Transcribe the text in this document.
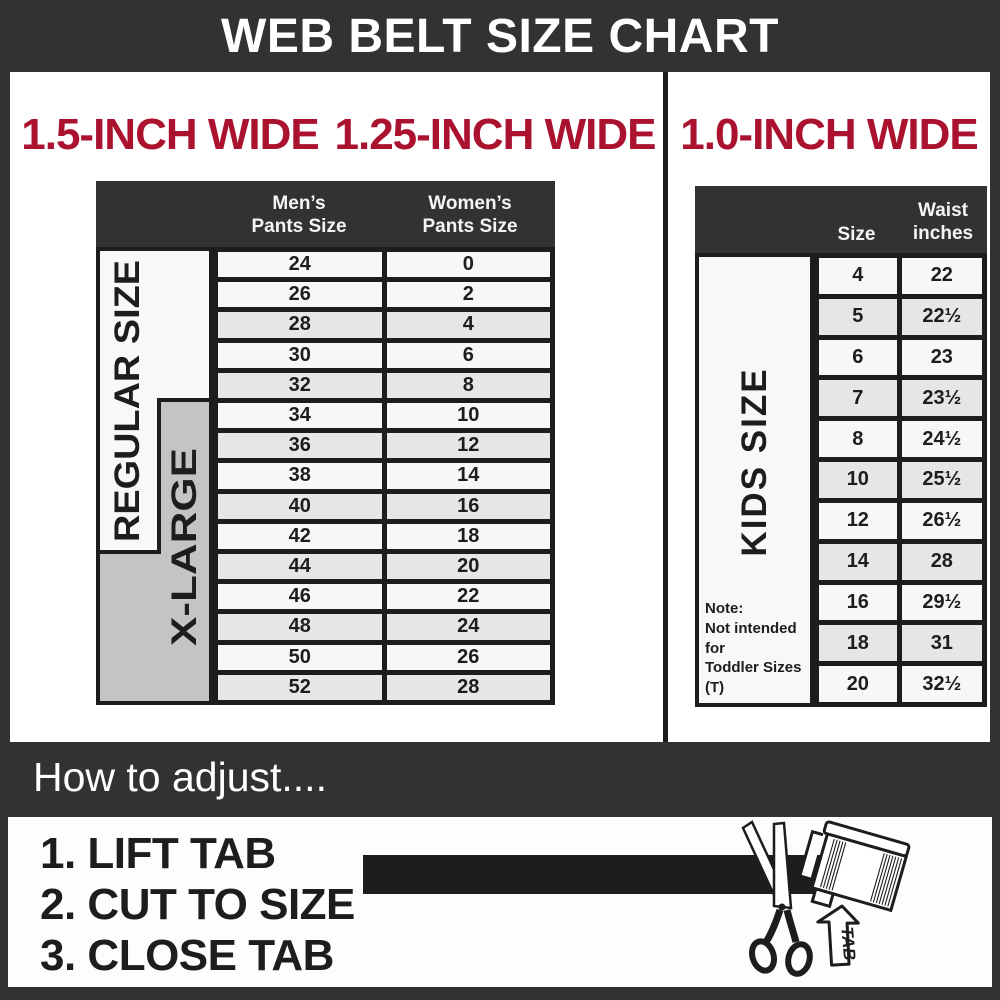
WEB BELT SIZE CHART
1.5-INCH WIDE 1.25-INCH WIDE 1.0-INCH WIDE
Men’s
Pants Size
Women’s
Pants Size
REGULAR SIZE
X-LARGE
24	0
26	2
28	4
30	6
32	8
34	10
36	12
38	14
40	16
42	18
44	20
46	22
48	24
50	26
52	28
Size
Waist
inches
KIDS SIZE
Note:
Not intended for
Toddler Sizes (T)
4	22
5	22½
6	23
7	23½
8	24½
10	25½
12	26½
14	28
16	29½
18	31
20	32½
How to adjust....
1. LIFT TAB
2. CUT TO SIZE
3. CLOSE TAB	TAB
